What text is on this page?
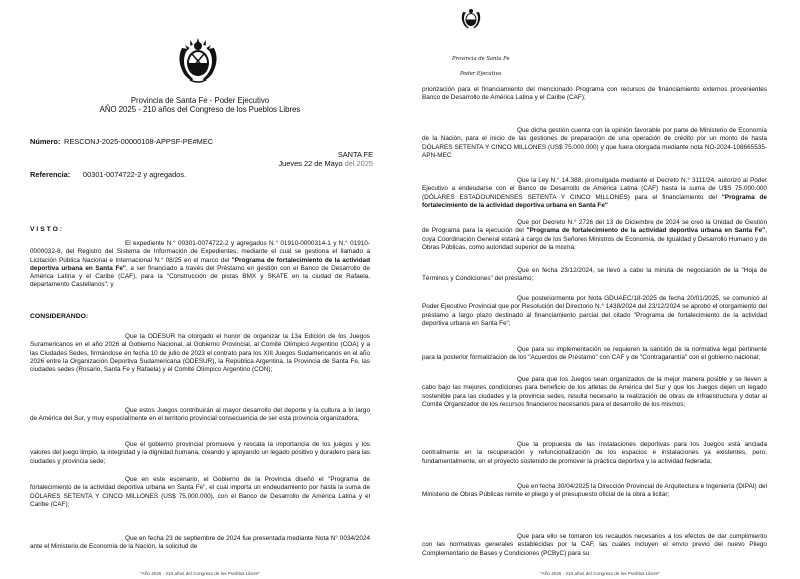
Provincia de Santa Fe - Poder Ejecutivo
AÑO 2025 - 210 años del Congreso de los Pueblos Libres
Número: RESCONJ-2025-00000108-APPSF-PE#MEC
SANTA FE
Jueves 22 de Mayo del 2025
Referencia: 00301-0074722-2 y agregados.
V I S T O :
El expediente N.° 00301-0074722-2 y agregados N.° 01910-0000314-1 y N.° 01910-0000032-8, del Registro del Sistema de Información de Expedientes, mediante el cual se gestiona el llamado a Licitación Pública Nacional e Internacional N.° 08/25 en el marco del "Programa de fortalecimiento de la actividad deportiva urbana en Santa Fe", a ser financiado a través del Préstamo en gestión con el Banco de Desarrollo de América Latina y el Caribe (CAF), para la "Construcción de pistas BMX y SKATE en la ciudad de Rafaela, departamento Castellanos"; y
CONSIDERANDO:
Que la ODESUR ha otorgado el honor de organizar la 13a Edición de los Juegos Suramericanos en el año 2026 al Gobierno Nacional, al Gobierno Provincial, al Comité Olímpico Argentino (COA) y a las Ciudades Sedes, firmándose en fecha 10 de julio de 2023 el contrato para los XIII Juegos Sudamericanos en el año 2026 entre la Organización Deportiva Sudamericana (ODESUR), la República Argentina, la Provincia de Santa Fe, las ciudades sedes (Rosario, Santa Fe y Rafaela) y el Comité Olímpico Argentino (CON);
Que estos Juegos contribuirán al mayor desarrollo del deporte y la cultura a lo largo de América del Sur, y muy especialmente en el territorio provincial consecuencia de ser esta provincia organizadora;
Que el gobierno provincial promueve y rescata la importancia de los juegos y los valores del juego limpio, la integridad y la dignidad humana, creando y apoyando un legado positivo y duradero para las ciudades y provincia sede;
Que en este escenario, el Gobierno de la Provincia diseñó el "Programa de fortalecimiento de la actividad deportiva urbana en Santa Fe", el cual importa un endeudamiento por hasta la suma de DÓLARES SETENTA Y CINCO MILLONES (US$ 75.000.000), con el Banco de Desarrollo de América Latina y el Caribe (CAF);
Que en fecha 23 de septiembre de 2024 fue presentada mediante Nota N° 0034/2024 ante el Ministerio de Economía de la Nación, la solicitud de
"Año 2025 - 210 años del Congreso de los Pueblos Libres"
Provincia de Santa Fe
Poder Ejecutivo
priorización para el financiamiento del mencionado Programa con recursos de financiamiento externos provenientes Banco de Desarrollo de América Latina y el Caribe (CAF);
Que dicha gestión cuenta con la opinión favorable por parte de Ministerio de Economía de la Nación, para el inicio de las gestiones de preparación de una operación de crédito por un monto de hasta DÓLARES SETENTA Y CINCO MILLONES (US$ 75.000.000) y que fuera otorgada mediante nota NO-2024-108665535-APN-MEC
Que la Ley N.° 14.388, promulgada mediante el Decreto N.° 3111/24, autorizó al Poder Ejecutivo a endeudarse con el Banco de Desarrollo de América Latina (CAF) hasta la suma de U$S 75.000.000 (DÓLARES ESTADOUNIDENSES SETENTA Y CINCO MILLONES) para el financiamiento del "Programa de fortalecimiento de la actividad deportiva urbana en Santa Fe"
Que por Decreto N.° 2726 del 13 de Diciembre de 2024 se creó la Unidad de Gestión de Programa para la ejecución del "Programa de fortalecimiento de la actividad deportiva urbana en Santa Fe", cuya Coordinación General estará a cargo de los Señores Ministros de Economía, de Igualdad y Desarrollo Humano y de Obras Públicas, como autoridad superior de la misma;
Que en fecha 23/12/2024, se llevó a cabo la minuta de negociación de la "Hoja de Términos y Condiciones" del préstamo;
Que posteriormente por Nota GDUAEC/18-2025 de fecha 20/01/2025, se comunicó al Poder Ejecutivo Provincial que por Resolución del Directorio N.° 1438/2024 del 23/12/2024 se aprobó el otorgamiento del préstamo a largo plazo destinado al financiamiento parcial del citado "Programa de fortalecimiento de la actividad deportiva urbana en Santa Fe";
Que para su implementación se requieren la sanción de la normativa legal pertinente para la posterior formalización de los "Acuerdos de Préstamo" con CAF y de "Contragarantía" con el gobierno nacional;
Que para que los Juegos sean organizados de la mejor manera posible y se lleven a cabo bajo las mejores condiciones para beneficio de los atletas de América del Sur y que los Juegos dejen un legado sostenible para las ciudades y la provincia sedes, resulta necesario la realización de obras de infraestructura y dotar al Comité Organizador de los recursos financieros necesarios para el desarrollo de los mismos;
Que la propuesta de las instalaciones deportivas para los Juegos está anclada centralmente en la recuperación y refuncionalización de los espacios e instalaciones ya existentes, pero, fundamentalmente, en el proyecto sostenido de promover la práctica deportiva y la actividad federada;
Que en fecha 30/04/2025 la Dirección Provincial de Arquitectura e Ingeniería (DIPAI) del Ministerio de Obras Públicas remite el pliego y el presupuesto oficial de la obra a licitar;
Que para ello se tomaron los recaudos necesarios a los efectos de dar cumplimiento con las normativas generales establecidas por la CAF, las cuales incluyen el envío previo del nuevo Pliego Complementario de Bases y Condiciones (PCByC) para su
"Año 2025 - 210 años del Congreso de los Pueblos Libres"
